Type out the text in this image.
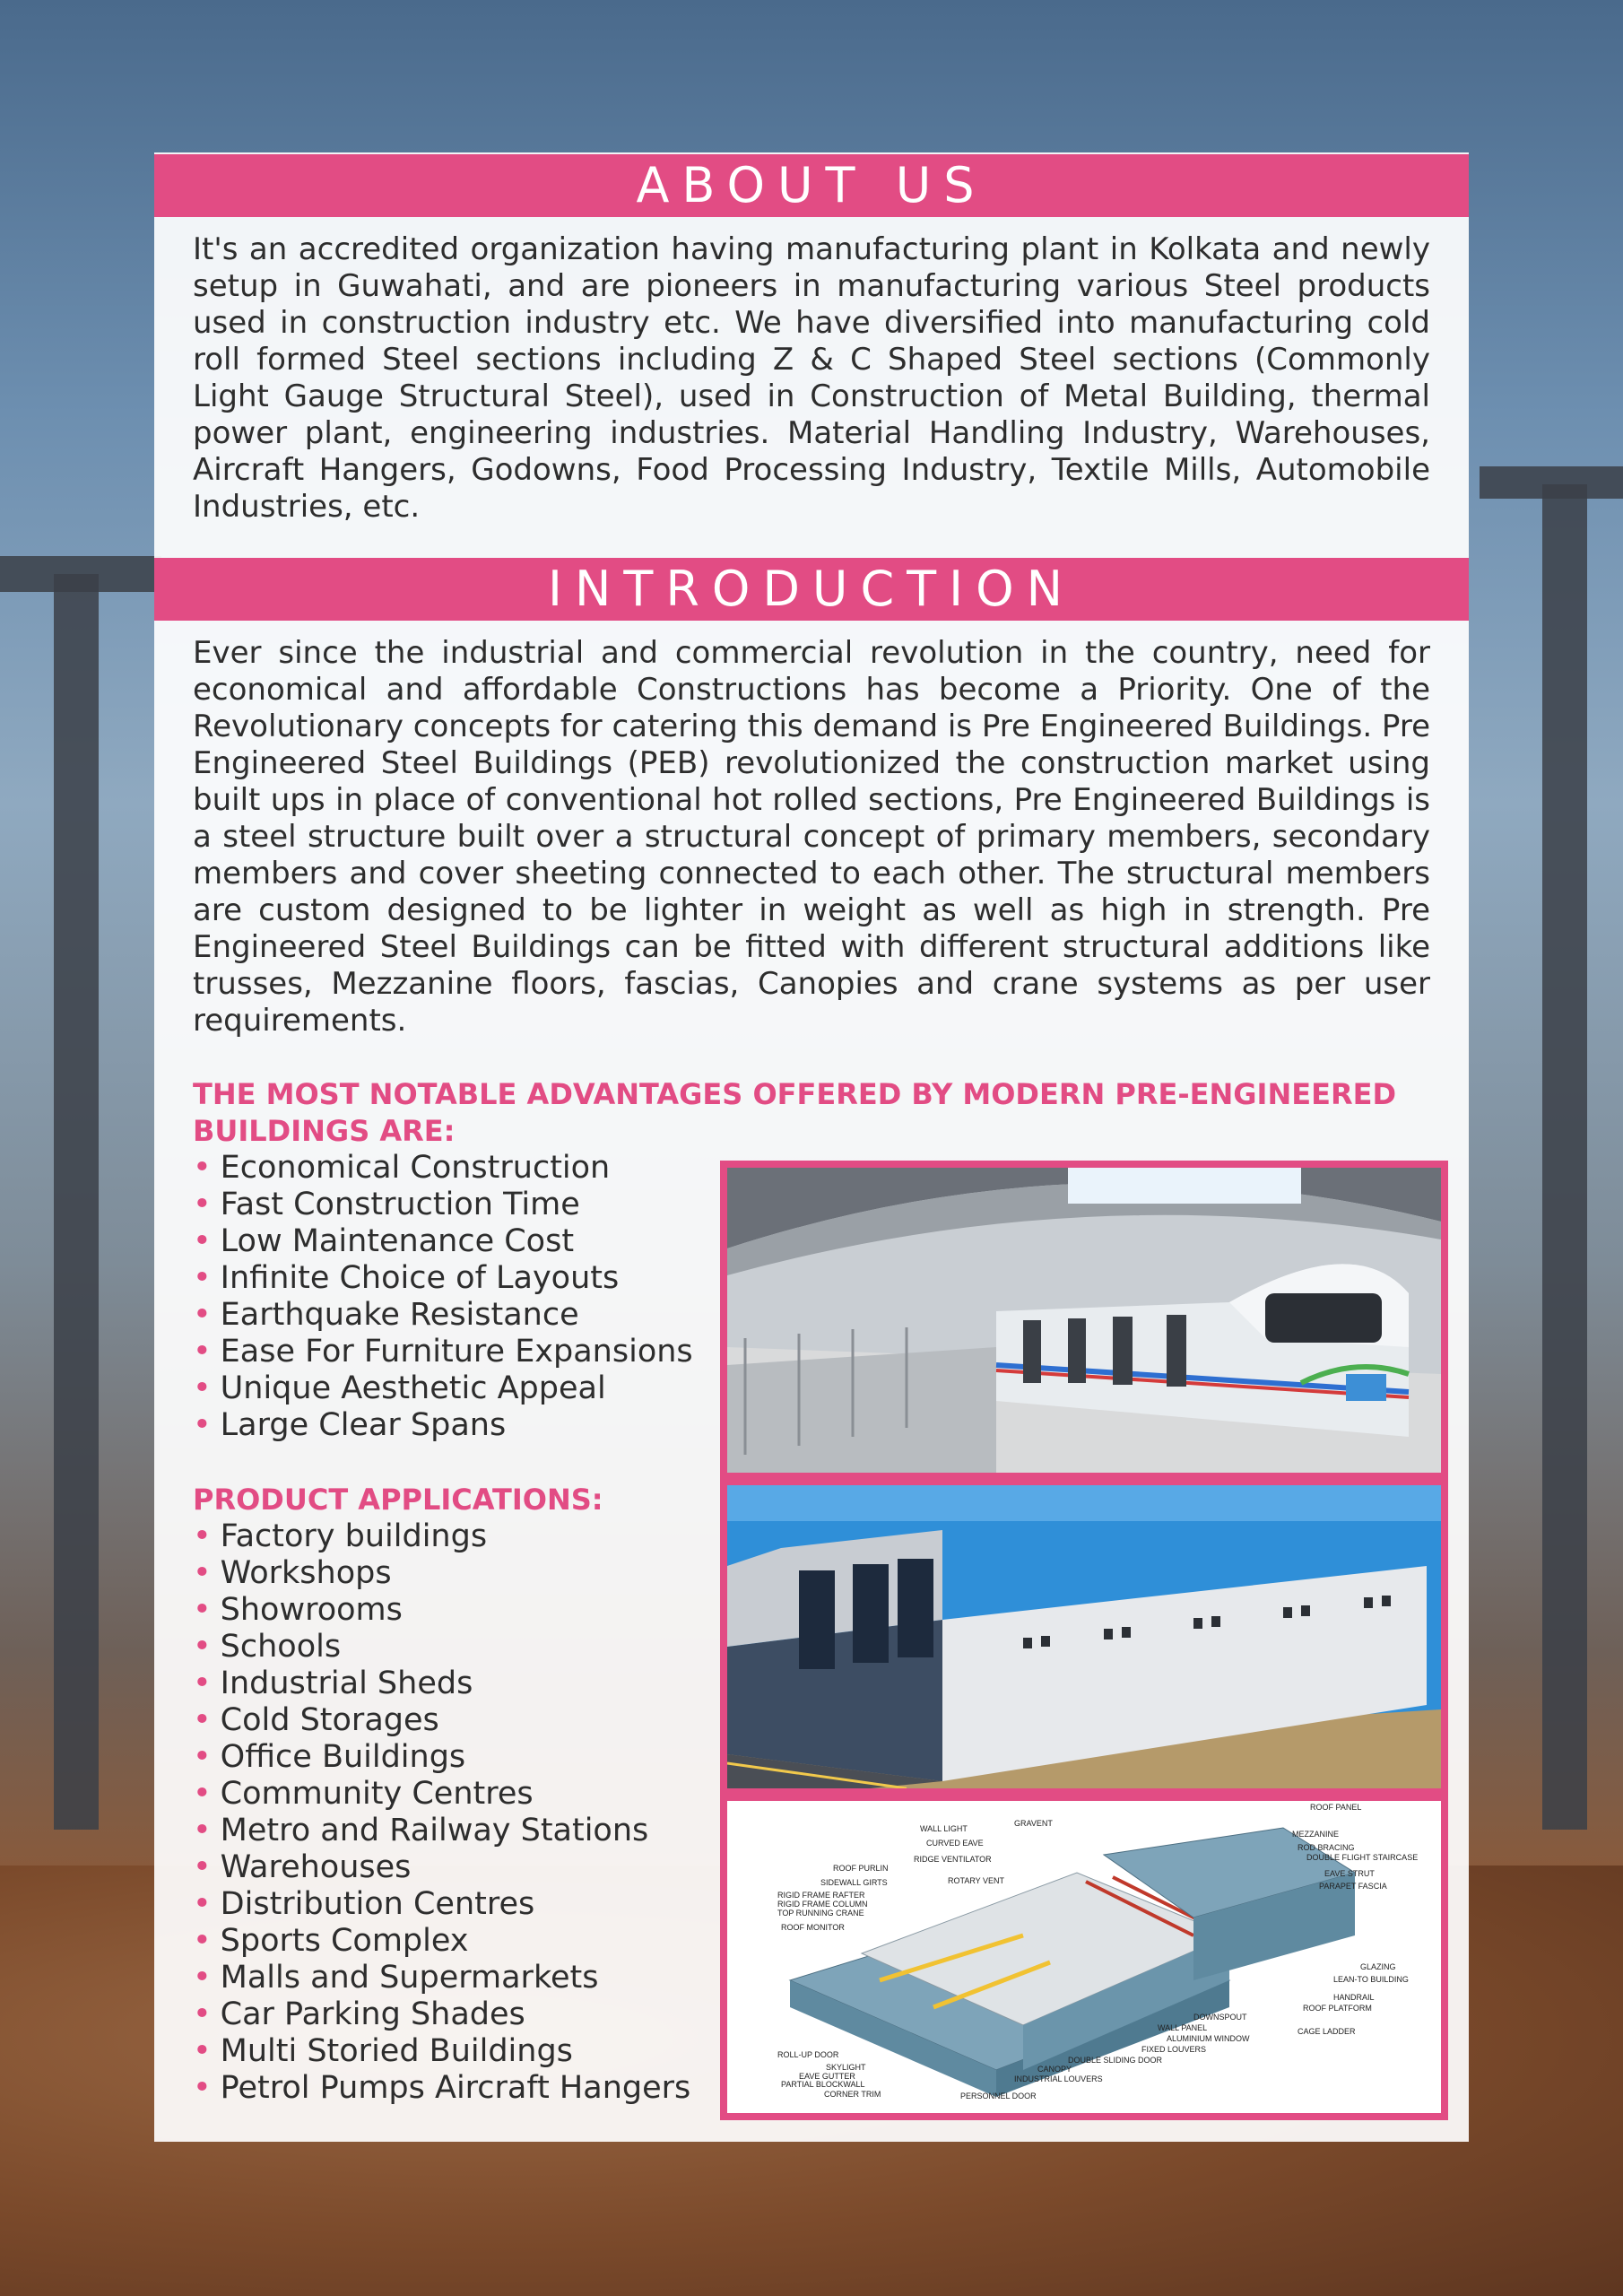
ABOUT US
It's an accredited organization having manufacturing plant in Kolkata and newly setup in Guwahati, and are pioneers in manufacturing various Steel products used in construction industry etc. We have diversified into manufacturing cold roll formed Steel sections including Z & C Shaped Steel sections (Commonly Light Gauge Structural Steel), used in Construction of Metal Building, thermal power plant, engineering industries. Material Handling Industry, Warehouses, Aircraft Hangers, Godowns, Food Processing Industry, Textile Mills, Automobile Industries, etc.
INTRODUCTION
Ever since the industrial and commercial revolution in the country, need for economical and affordable Constructions has become a Priority. One of the Revolutionary concepts for catering this demand is Pre Engineered Buildings. Pre Engineered Steel Buildings (PEB) revolutionized the construction market using built ups in place of conventional hot rolled sections, Pre Engineered Buildings is a steel structure built over a structural concept of primary members, secondary members and cover sheeting connected to each other. The structural members are custom designed to be lighter in weight as well as high in strength. Pre Engineered Steel Buildings can be fitted with different structural additions like trusses, Mezzanine floors, fascias, Canopies and crane systems as per user requirements.
THE MOST NOTABLE ADVANTAGES OFFERED BY MODERN PRE-ENGINEERED BUILDINGS ARE:
• Economical Construction
• Fast Construction Time
• Low Maintenance Cost
• Infinite Choice of Layouts
• Earthquake Resistance
• Ease For Furniture Expansions
• Unique Aesthetic Appeal
• Large Clear Spans
PRODUCT APPLICATIONS:
• Factory buildings
• Workshops
• Showrooms
• Schools
• Industrial Sheds
• Cold Storages
• Office Buildings
• Community Centres
• Metro and Railway Stations
• Warehouses
• Distribution Centres
• Sports Complex
• Malls and Supermarkets
• Car Parking Shades
• Multi Storied Buildings
• Petrol Pumps Aircraft Hangers
ROOF PANEL
GRAVENT
WALL LIGHT
CURVED EAVE
RIDGE VENTILATOR
ROOF PURLIN
SIDEWALL GIRTS	ROTARY VENT
RIGID FRAME RAFTER
RIGID FRAME COLUMN
TOP RUNNING CRANE
ROOF MONITOR
MEZZANINE
ROD BRACING
DOUBLE FLIGHT STAIRCASE
EAVE STRUT
PARAPET FASCIA
GLAZING
LEAN-TO BUILDING
HANDRAIL
ROOF PLATFORM
DOWNSPOUT
WALL PANEL
ALUMINIUM WINDOW
FIXED LOUVERS
CAGE LADDER
DOUBLE SLIDING DOOR
ROLL-UP DOOR
SKYLIGHT
EAVE GUTTER
PARTIAL BLOCKWALL
CORNER TRIM
CANOPY
INDUSTRIAL LOUVERS
PERSONNEL DOOR
